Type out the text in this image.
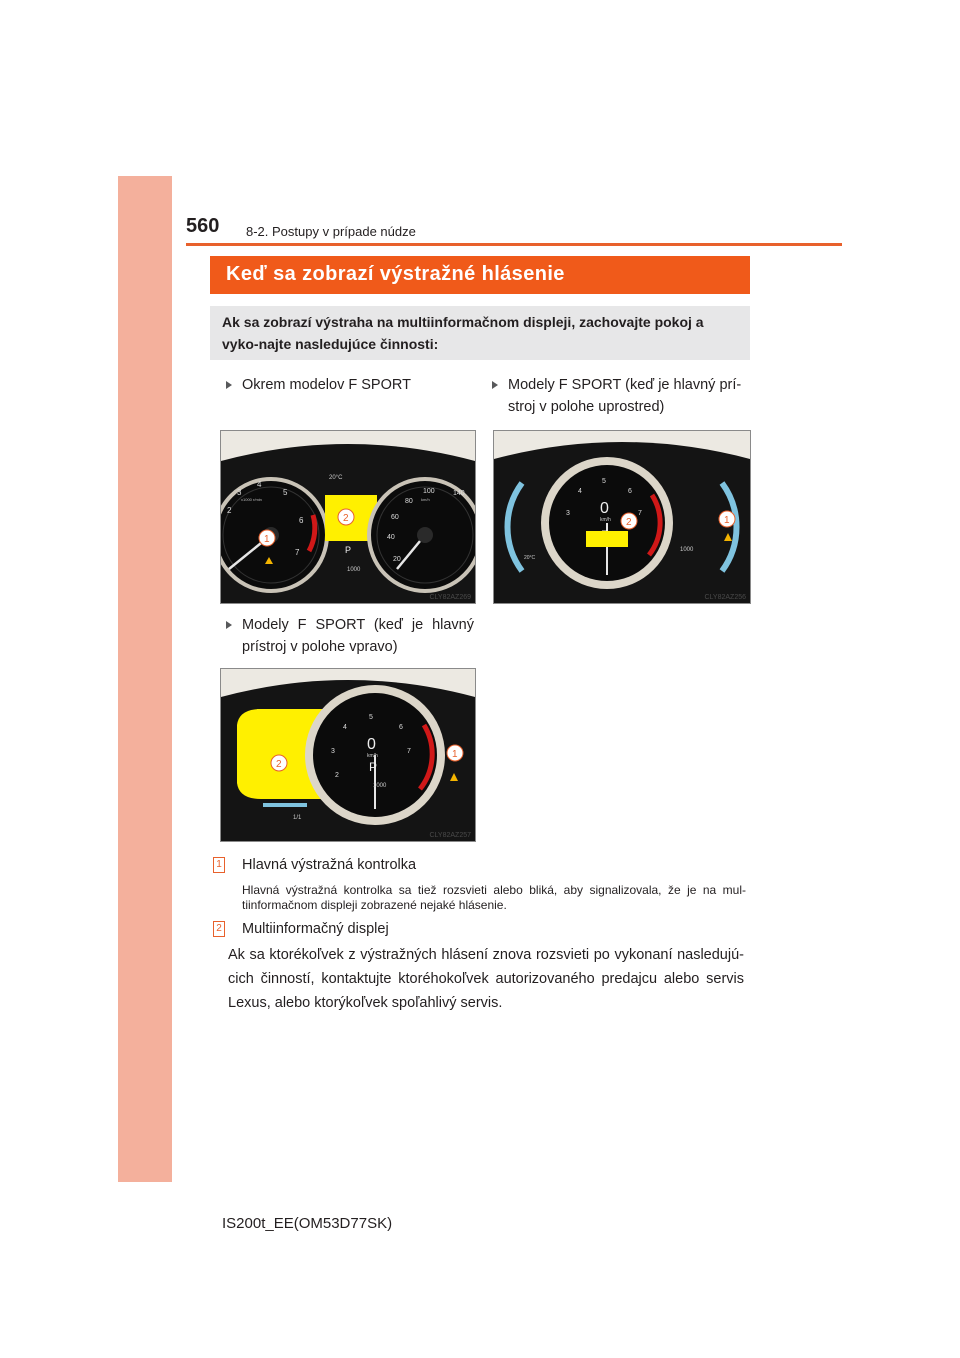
560 8-2. Postupy v prípade núdze
Keď sa zobrazí výstražné hlásenie
Ak sa zobrazí výstraha na multiinformačnom displeji, zachovajte pokoj a vyko-najte nasledujúce činnosti:
Okrem modelov F SPORT	Modely F SPORT (keď je hlavný prí-stroj v polohe uprostred)
2
3
4
5
6
7
x1000 r/min
20°C
P
1000
20
40
60
80
100	140
km/h
1
2
CLY82AZ269
0
km/h
5
4
3
6
7
20°C
1000
2	1
CLY82AZ256
Modely F SPORT (keď je hlavný prístroj v polohe vpravo)
1/1
0
km/h
P
1000
5
4
3
2
6
7
2
1
CLY82AZ257
1 Hlavná výstražná kontrolka
Hlavná výstražná kontrolka sa tiež rozsvieti alebo bliká, aby signalizovala, že je na mul-tiinformačnom displeji zobrazené nejaké hlásenie.
2 Multiinformačný displej
Ak sa ktorékoľvek z výstražných hlásení znova rozsvieti po vykonaní nasledujú-cich činností, kontaktujte ktoréhokoľvek autorizovaného predajcu alebo servis Lexus, alebo ktorýkoľvek spoľahlivý servis.
IS200t_EE(OM53D77SK)
